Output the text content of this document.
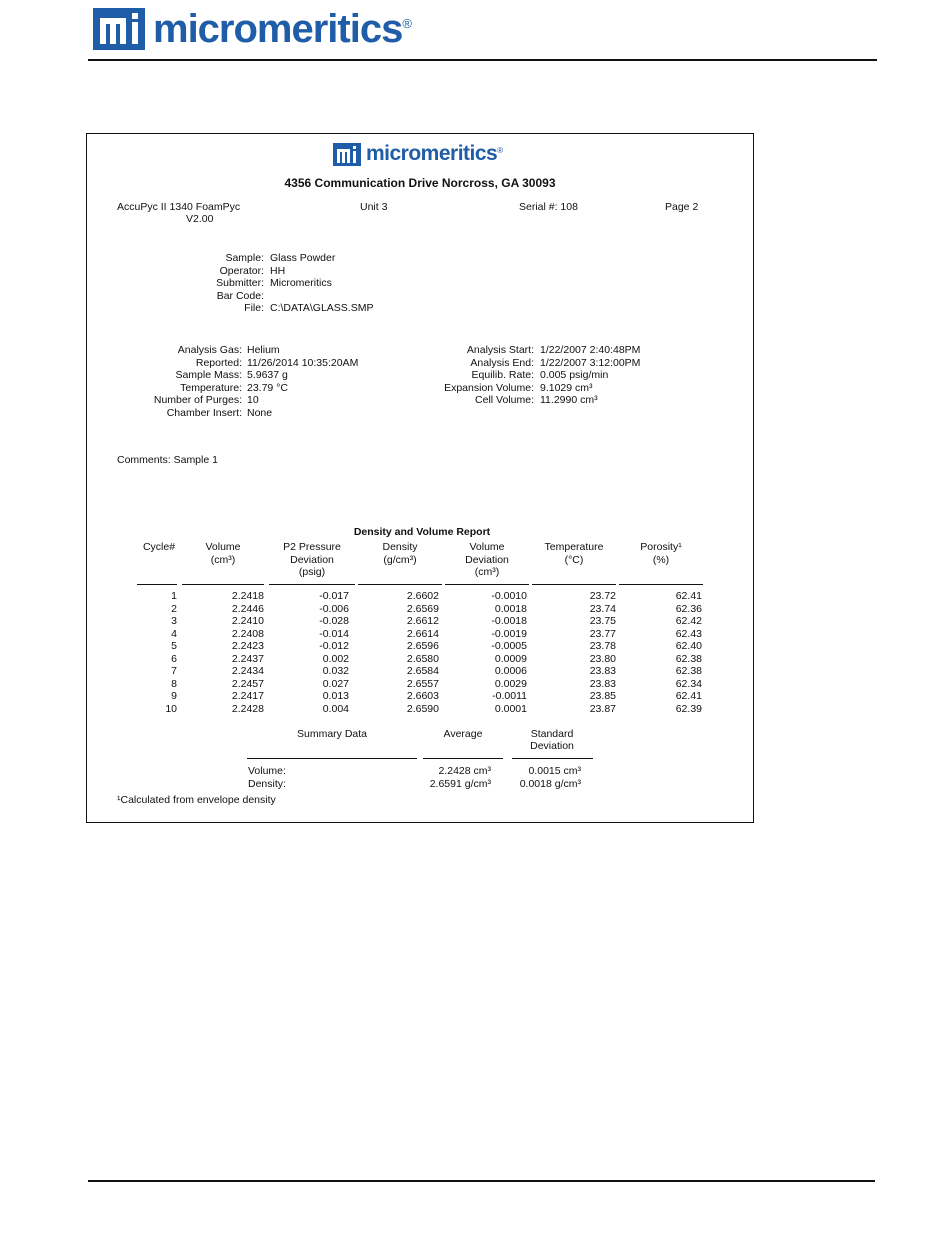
micromeritics ®
micromeritics ®
4356 Communication Drive Norcross, GA 30093
AccuPyc II 1340 FoamPyc
V2.00
Unit 3	Serial #: 108	Page 2
Sample: Glass Powder
Operator: HH
Submitter: Micromeritics
Bar Code:
File: C:\DATA\GLASS.SMP
Analysis Gas: Helium
Reported: 11/26/2014 10:35:20AM
Sample Mass: 5.9637 g
Temperature: 23.79 °C
Number of Purges: 10
Chamber Insert: None
Analysis Start: 1/22/2007 2:40:48PM
Analysis End: 1/22/2007 3:12:00PM
Equilib. Rate: 0.005 psig/min
Expansion Volume: 9.1029 cm³
Cell Volume: 11.2990 cm³
Comments: Sample 1
Density and Volume Report
Cycle#	Volume
(cm³)
P2 Pressure
Deviation
(psig)
Density
(g/cm³)
Volume
Deviation
(cm³)
Temperature
(°C)
Porosity¹
(%)
1	2.2418	-0.017	2.6602	-0.0010	23.72	62.41
2	2.2446	-0.006	2.6569	0.0018	23.74	62.36
3	2.2410	-0.028	2.6612	-0.0018	23.75	62.42
4	2.2408	-0.014	2.6614	-0.0019	23.77	62.43
5	2.2423	-0.012	2.6596	-0.0005	23.78	62.40
6	2.2437	0.002	2.6580	0.0009	23.80	62.38
7	2.2434	0.032	2.6584	0.0006	23.83	62.38
8	2.2457	0.027	2.6557	0.0029	23.83	62.34
9	2.2417	0.013	2.6603	-0.0011	23.85	62.41
10	2.2428	0.004	2.6590	0.0001	23.87	62.39
Summary Data	Average	Standard
Deviation
Volume:	2.2428 cm³	0.0015 cm³
Density:	2.6591 g/cm³	0.0018 g/cm³
¹Calculated from envelope density
